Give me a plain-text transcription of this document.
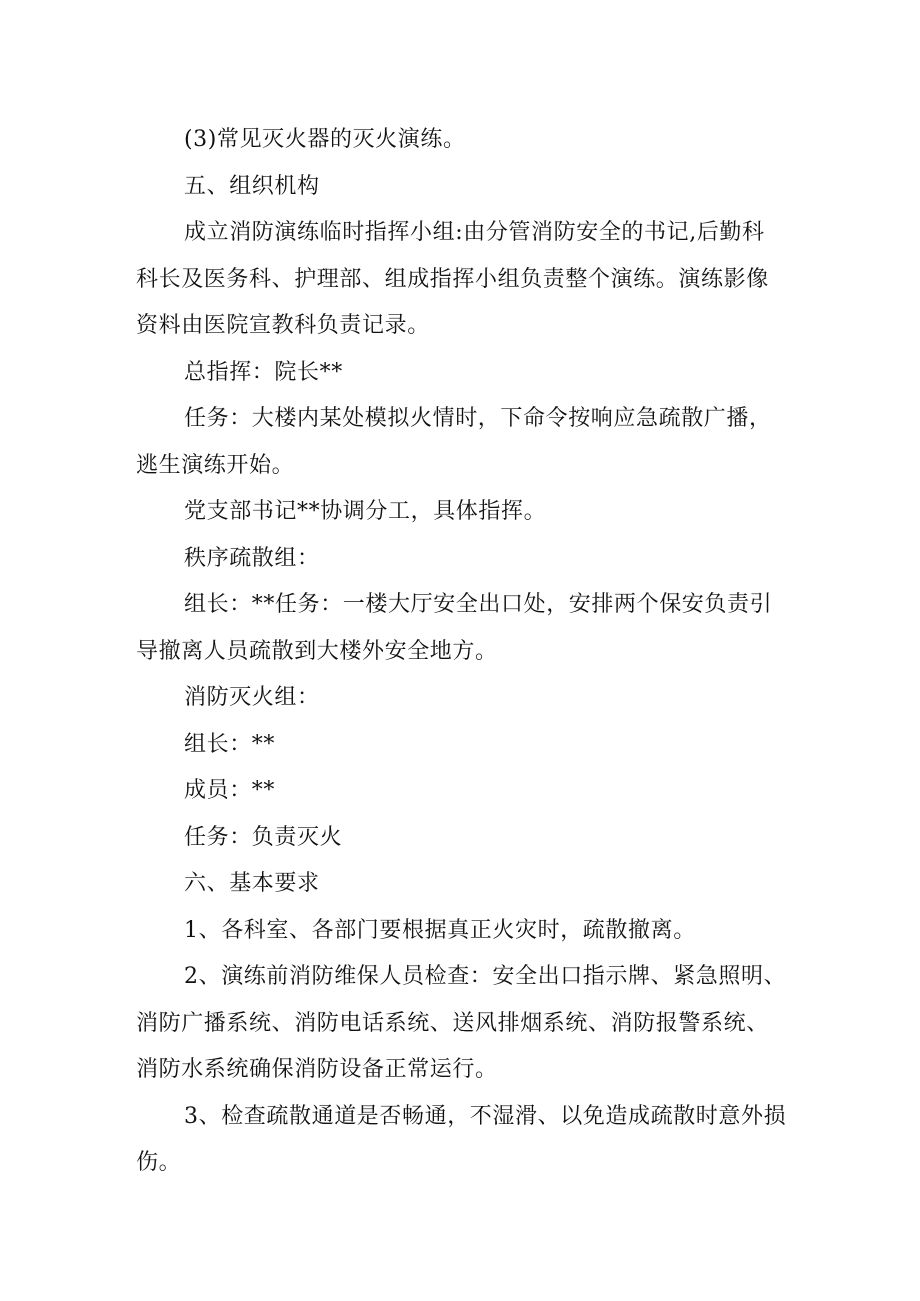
(3)常见灭火器的灭火演练。

五、组织机构

成立消防演练临时指挥小组:由分管消防安全的书记,后勤科
科长及医务科、护理部、组成指挥小组负责整个演练。演练影像
资料由医院宣教科负责记录。

总指挥：院长**

任务：大楼内某处模拟火情时，下命令按响应急疏散广播，
逃生演练开始。

党支部书记**协调分工，具体指挥。

秩序疏散组：

组长：**任务：一楼大厅安全出口处，安排两个保安负责引
导撤离人员疏散到大楼外安全地方。

消防灭火组：

组长：**

成员：**

任务：负责灭火

六、基本要求

1、各科室、各部门要根据真正火灾时，疏散撤离。

2、演练前消防维保人员检查：安全出口指示牌、紧急照明、
消防广播系统、消防电话系统、送风排烟系统、消防报警系统、
消防水系统确保消防设备正常运行。

3、检查疏散通道是否畅通，不湿滑、以免造成疏散时意外损
伤。
